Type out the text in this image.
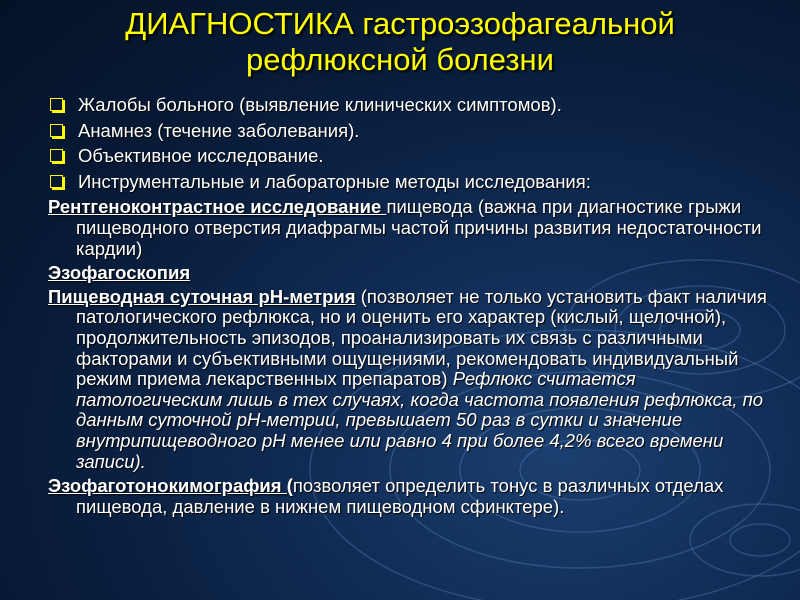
ДИАГНОСТИКА гастроэзофагеальной
рефлюксной болезни
Жалобы больного (выявление клинических симптомов).
Анамнез (течение заболевания).
Объективное исследование.
Инструментальные и лабораторные методы исследования:
Рентгеноконтрастное исследование пищевода (важна при диагностике грыжи пищеводного отверстия диафрагмы частой причины развития недостаточности кардии)
Эзофагоскопия
Пищеводная суточная рН-метрия (позволяет не только установить факт наличия патологического рефлюкса, но и оценить его характер (кислый, щелочной), продолжительность эпизодов, проанализировать их связь с различными факторами и субъективными ощущениями, рекомендовать индивидуальный режим приема лекарственных препаратов) Рефлюкс считается патологическим лишь в тех случаях, когда частота появления рефлюкса, по данным суточной рН-метрии, превышает 50 раз в сутки и значение внутрипищеводного рН менее или равно 4 при более 4,2% всего времени записи).
Эзофаготонокимография (позволяет определить тонус в различных отделах пищевода, давление в нижнем пищеводном сфинктере).
